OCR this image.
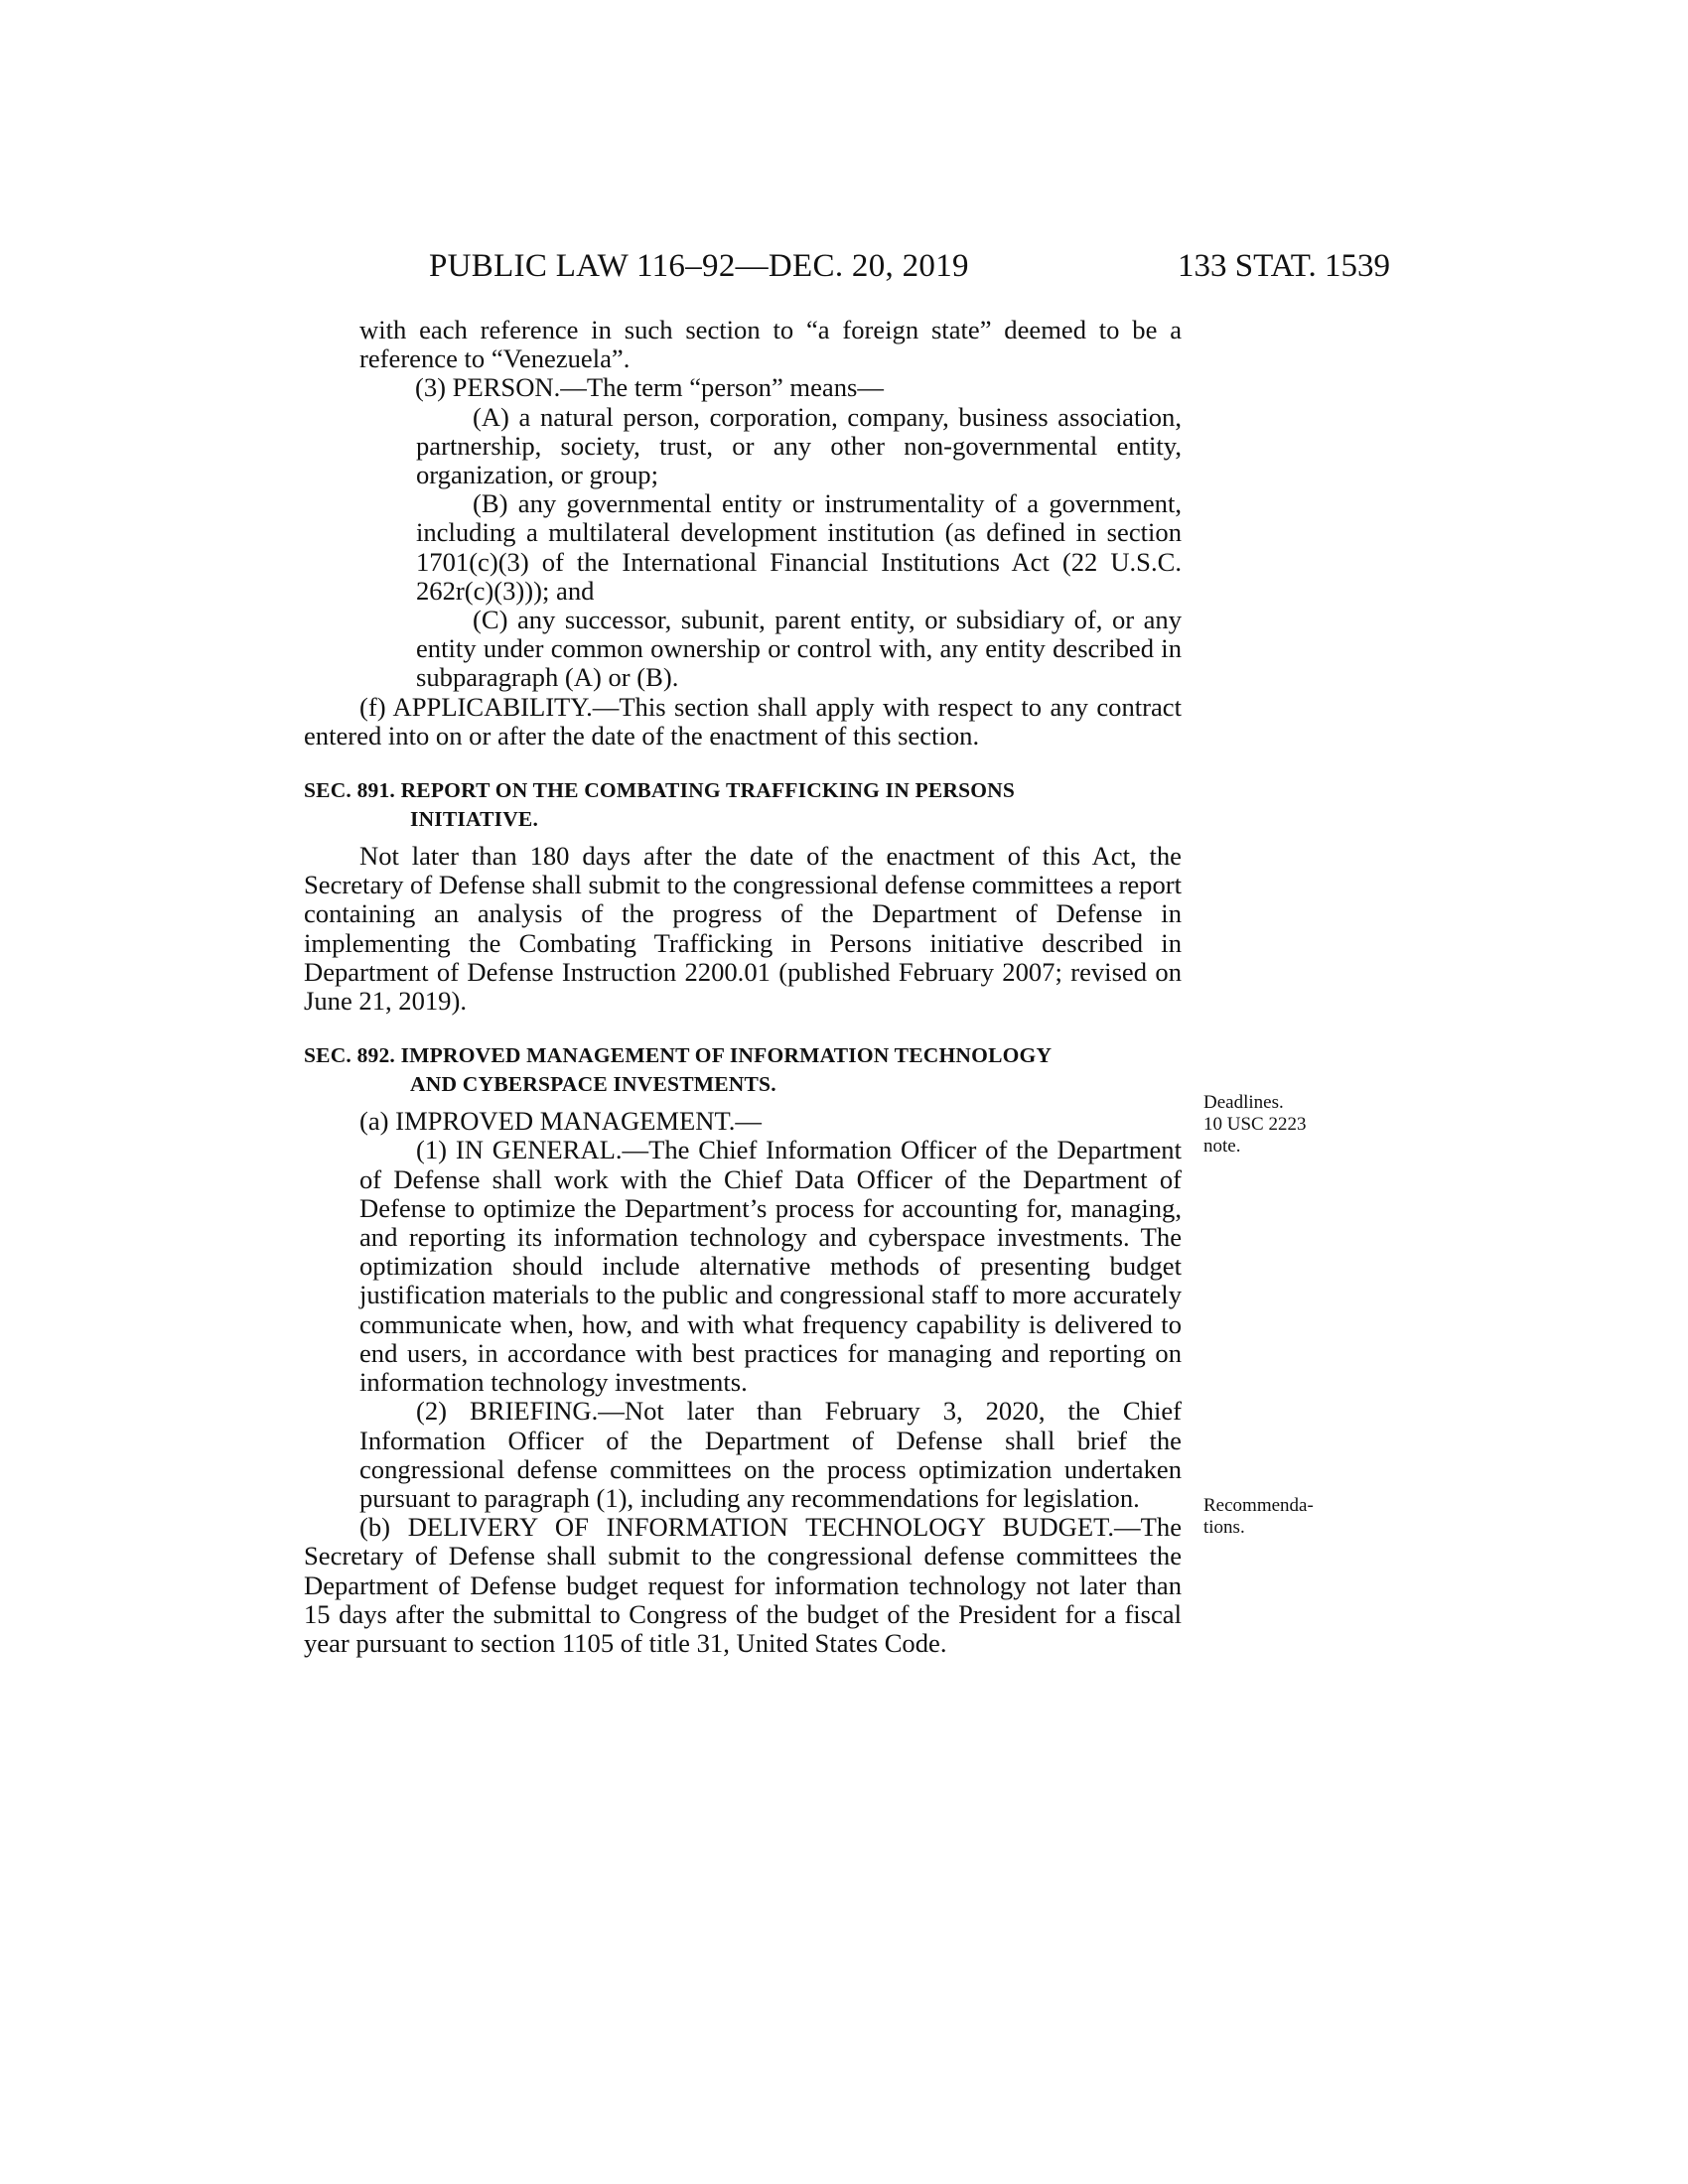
PUBLIC LAW 116–92—DEC. 20, 2019	133 STAT. 1539

with each reference in such section to “a foreign state” deemed to be a reference to “Venezuela”.

(3) PERSON.—The term “person” means—

(A) a natural person, corporation, company, business association, partnership, society, trust, or any other non-governmental entity, organization, or group;

(B) any governmental entity or instrumentality of a government, including a multilateral development institution (as defined in section 1701(c)(3) of the International Financial Institutions Act (22 U.S.C. 262r(c)(3))); and

(C) any successor, subunit, parent entity, or subsidiary of, or any entity under common ownership or control with, any entity described in subparagraph (A) or (B).

(f) APPLICABILITY.—This section shall apply with respect to any contract entered into on or after the date of the enactment of this section.

SEC. 891. REPORT ON THE COMBATING TRAFFICKING IN PERSONS
INITIATIVE.

Not later than 180 days after the date of the enactment of this Act, the Secretary of Defense shall submit to the congressional defense committees a report containing an analysis of the progress of the Department of Defense in implementing the Combating Trafficking in Persons initiative described in Department of Defense Instruction 2200.01 (published February 2007; revised on June 21, 2019).

SEC. 892. IMPROVED MANAGEMENT OF INFORMATION TECHNOLOGY
AND CYBERSPACE INVESTMENTS.

(a) IMPROVED MANAGEMENT.—

(1) IN GENERAL.—The Chief Information Officer of the Department of Defense shall work with the Chief Data Officer of the Department of Defense to optimize the Department’s process for accounting for, managing, and reporting its information technology and cyberspace investments. The optimization should include alternative methods of presenting budget justification materials to the public and congressional staff to more accurately communicate when, how, and with what frequency capability is delivered to end users, in accordance with best practices for managing and reporting on information technology investments.

(2) BRIEFING.—Not later than February 3, 2020, the Chief Information Officer of the Department of Defense shall brief the congressional defense committees on the process optimization undertaken pursuant to paragraph (1), including any recommendations for legislation.

(b) DELIVERY OF INFORMATION TECHNOLOGY BUDGET.—The Secretary of Defense shall submit to the congressional defense committees the Department of Defense budget request for information technology not later than 15 days after the submittal to Congress of the budget of the President for a fiscal year pursuant to section 1105 of title 31, United States Code.

Deadlines.
10 USC 2223
note.
Recommenda-
tions.
